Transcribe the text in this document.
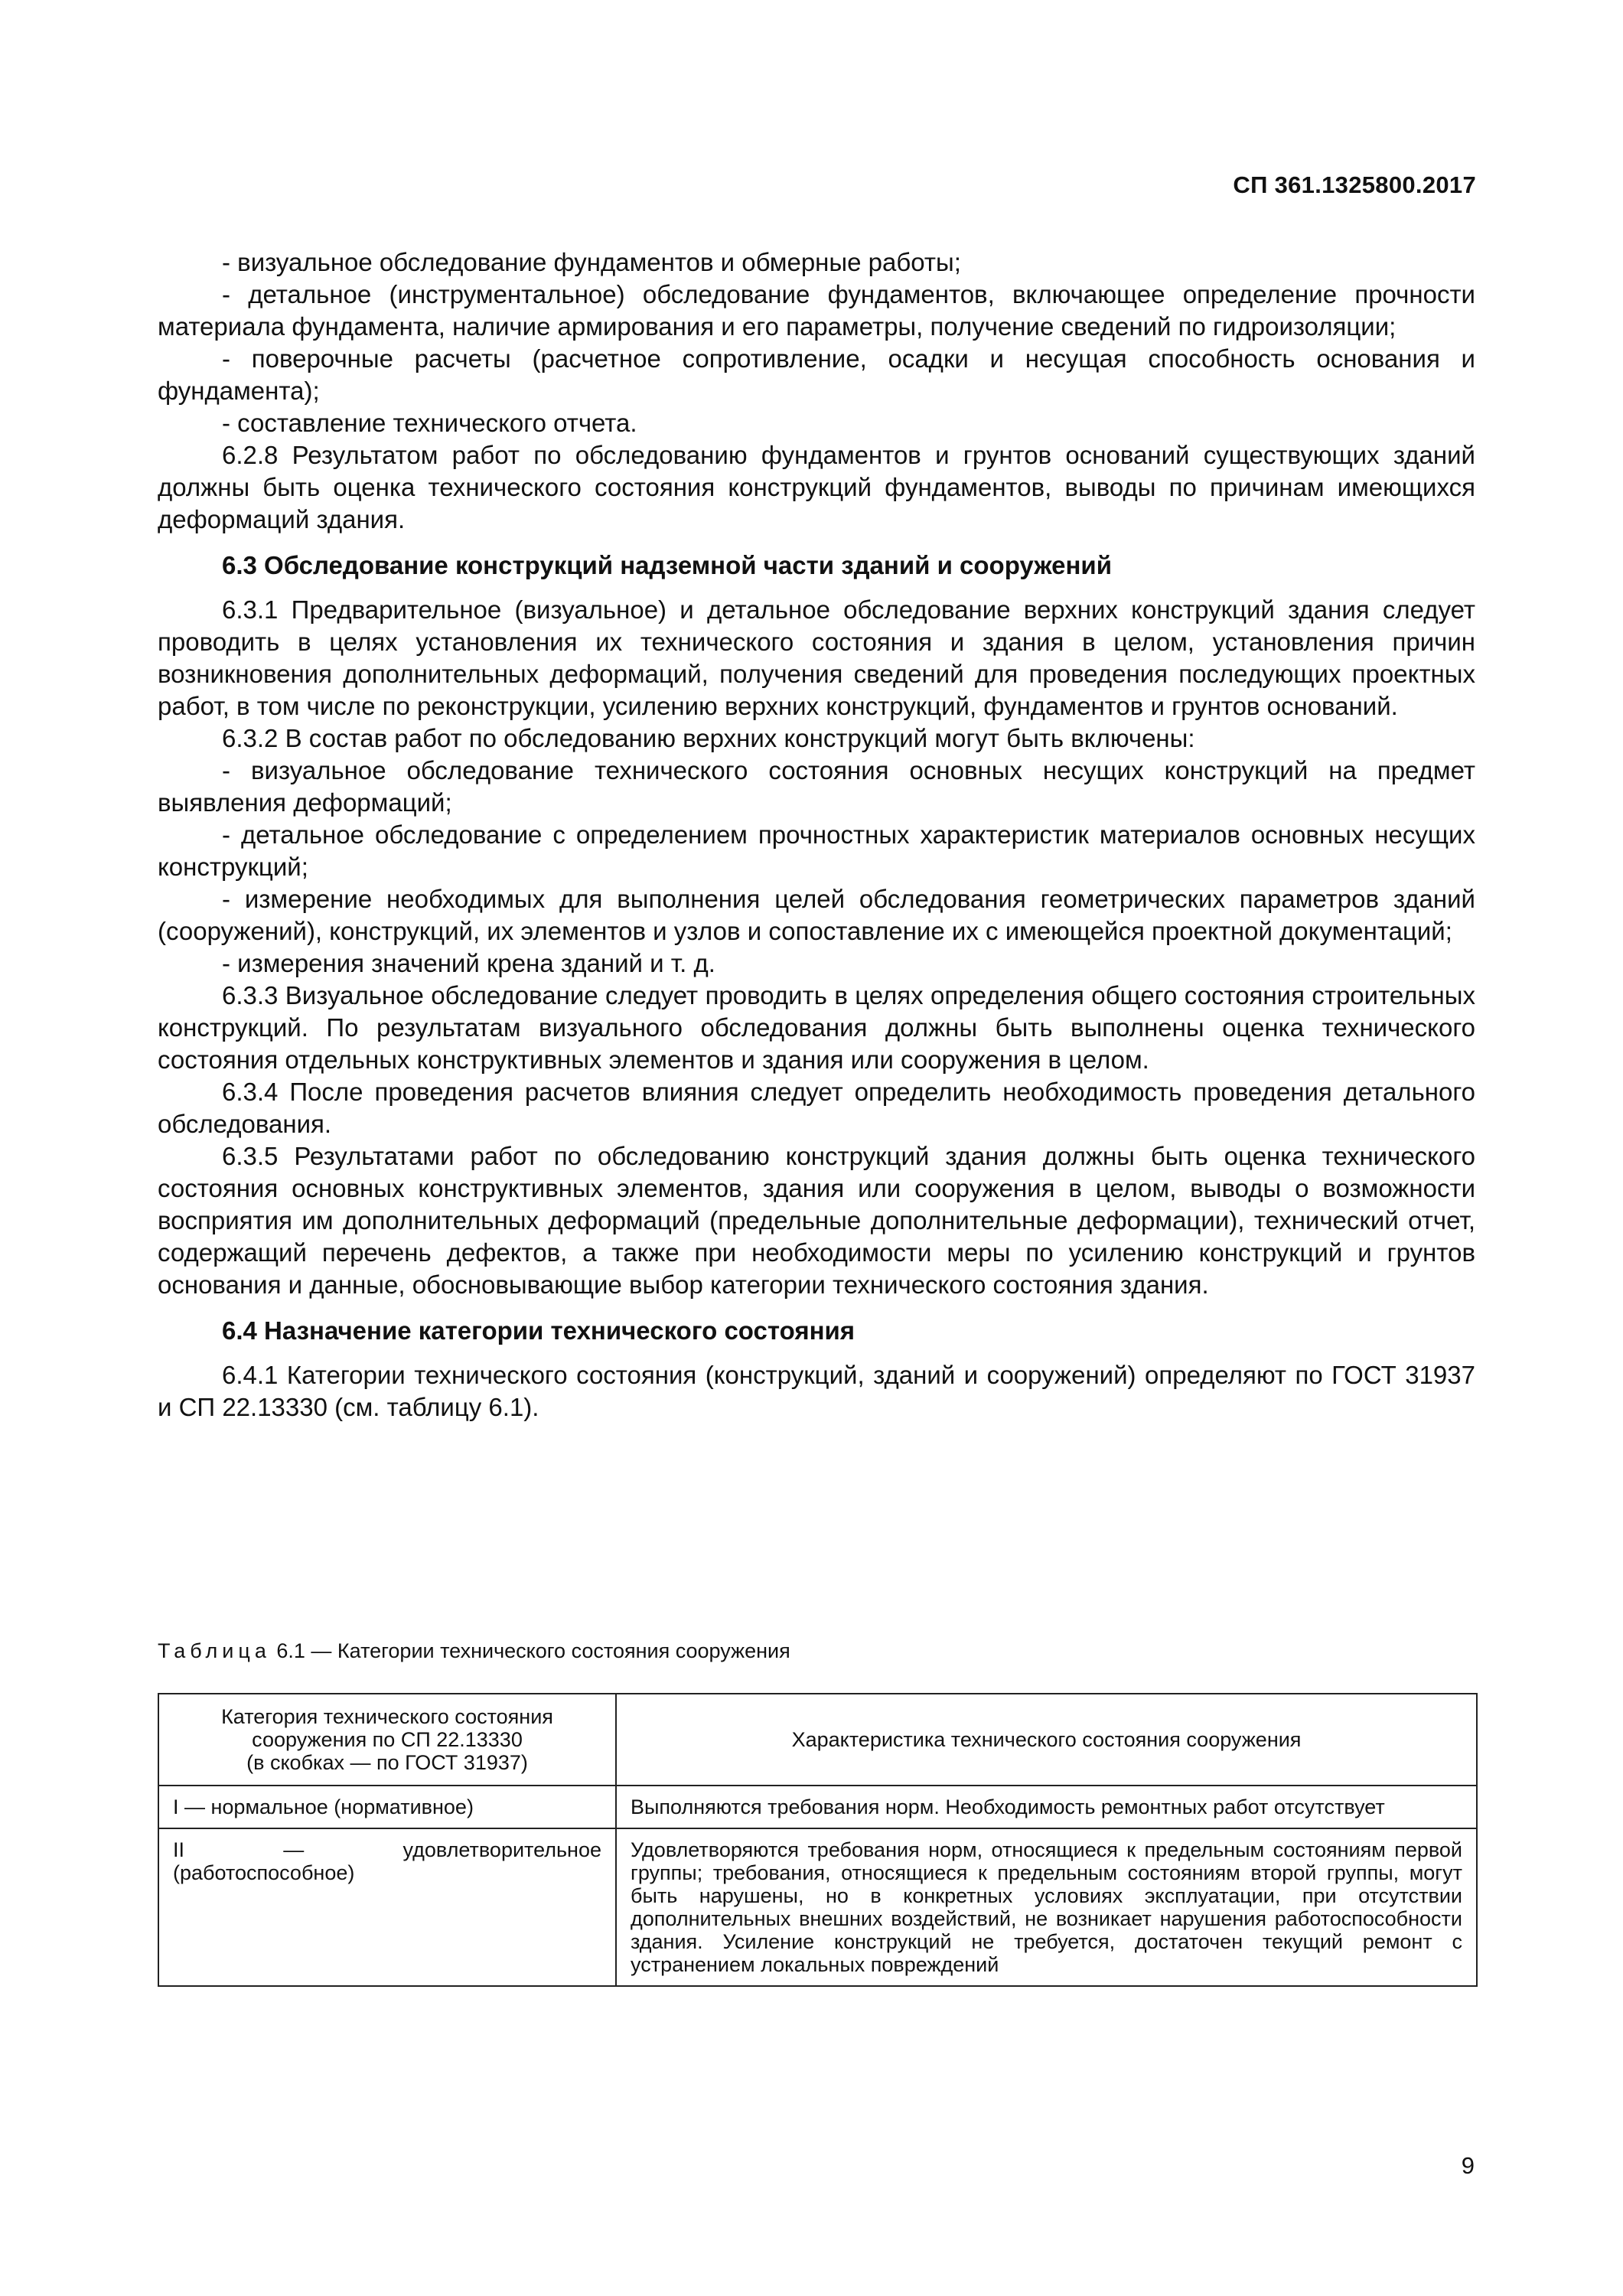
СП 361.1325800.2017

- визуальное обследование фундаментов и обмерные работы;

- детальное (инструментальное) обследование фундаментов, включающее определение прочности материала фундамента, наличие армирования и его параметры, получение сведений по гидроизоляции;

- поверочные расчеты (расчетное сопротивление, осадки и несущая способность основания и фундамента);

- составление технического отчета.

6.2.8 Результатом работ по обследованию фундаментов и грунтов оснований существующих зданий должны быть оценка технического состояния конструкций фундаментов, выводы по причинам имеющихся деформаций здания.

6.3 Обследование конструкций надземной части зданий и сооружений

6.3.1 Предварительное (визуальное) и детальное обследование верхних конструкций здания следует проводить в целях установления их технического состояния и здания в целом, установления причин возникновения дополнительных деформаций, получения сведений для проведения последующих проектных работ, в том числе по реконструкции, усилению верхних конструкций, фундаментов и грунтов оснований.

6.3.2 В состав работ по обследованию верхних конструкций могут быть включены:

- визуальное обследование технического состояния основных несущих конструкций на предмет выявления деформаций;

- детальное обследование с определением прочностных характеристик материалов основных несущих конструкций;

- измерение необходимых для выполнения целей обследования геометрических параметров зданий (сооружений), конструкций, их элементов и узлов и сопоставление их с имеющейся проектной документаций;

- измерения значений крена зданий и т. д.

6.3.3 Визуальное обследование следует проводить в целях определения общего состояния строительных конструкций. По результатам визуального обследования должны быть выполнены оценка технического состояния отдельных конструктивных элементов и здания или сооружения в целом.

6.3.4 После проведения расчетов влияния следует определить необходимость проведения детального обследования.

6.3.5 Результатами работ по обследованию конструкций здания должны быть оценка технического состояния основных конструктивных элементов, здания или сооружения в целом, выводы о возможности восприятия им дополнительных деформаций (предельные дополнительные деформации), технический отчет, содержащий перечень дефектов, а также при необходимости меры по усилению конструкций и грунтов основания и данные, обосновывающие выбор категории технического состояния здания.

6.4 Назначение категории технического состояния

6.4.1 Категории технического состояния (конструкций, зданий и сооружений) определяют по ГОСТ 31937 и СП 22.13330 (см. таблицу 6.1).

Таблица 6.1 — Категории технического состояния сооружения
Категория технического состояния
сооружения по СП 22.13330
(в скобках — по ГОСТ 31937)	Характеристика технического состояния сооружения
I — нормальное (нормативное)	Выполняются требования норм. Необходимость ремонтных работ отсутствует
II — удовлетворительное (работоспособное)	Удовлетворяются требования норм, относящиеся к предельным состояниям первой группы; требования, относящиеся к предельным состояниям второй группы, могут быть нарушены, но в конкретных условиях эксплуатации, при отсутствии дополнительных внешних воздействий, не возникает нарушения работоспособности здания. Усиление конструкций не требуется, достаточен текущий ремонт с устранением локальных повреждений
9
